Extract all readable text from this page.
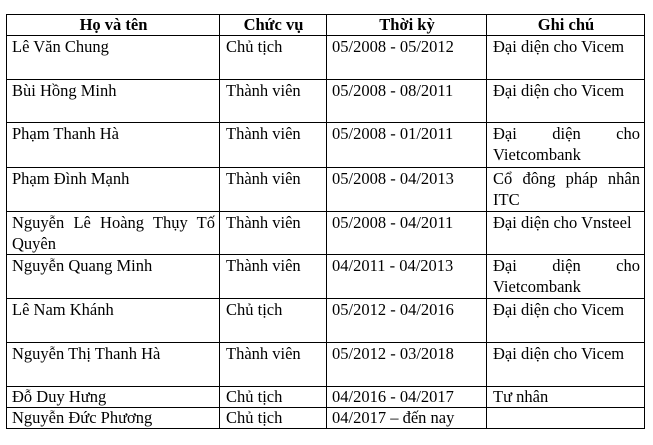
Họ và tên	Chức vụ	Thời kỳ	Ghi chú
Lê Văn Chung	Chủ tịch	05/2008 - 05/2012	Đại diện cho Vicem
Bùi Hồng Minh	Thành viên	05/2008 - 08/2011	Đại diện cho Vicem
Phạm Thanh Hà	Thành viên	05/2008 - 01/2011	Đại diện cho Vietcombank
Phạm Đình Mạnh	Thành viên	05/2008 - 04/2013	Cổ đông pháp nhân ITC
Nguyễn Lê Hoàng Thụy Tố Quyên	Thành viên	05/2008 - 04/2011	Đại diện cho Vnsteel
Nguyễn Quang Minh	Thành viên	04/2011 - 04/2013	Đại diện cho Vietcombank
Lê Nam Khánh	Chủ tịch	05/2012 - 04/2016	Đại diện cho Vicem
Nguyễn Thị Thanh Hà	Thành viên	05/2012 - 03/2018	Đại diện cho Vicem
Đỗ Duy Hưng	Chủ tịch	04/2016 - 04/2017	Tư nhân
Nguyễn Đức Phương	Chủ tịch	04/2017 – đến nay	
